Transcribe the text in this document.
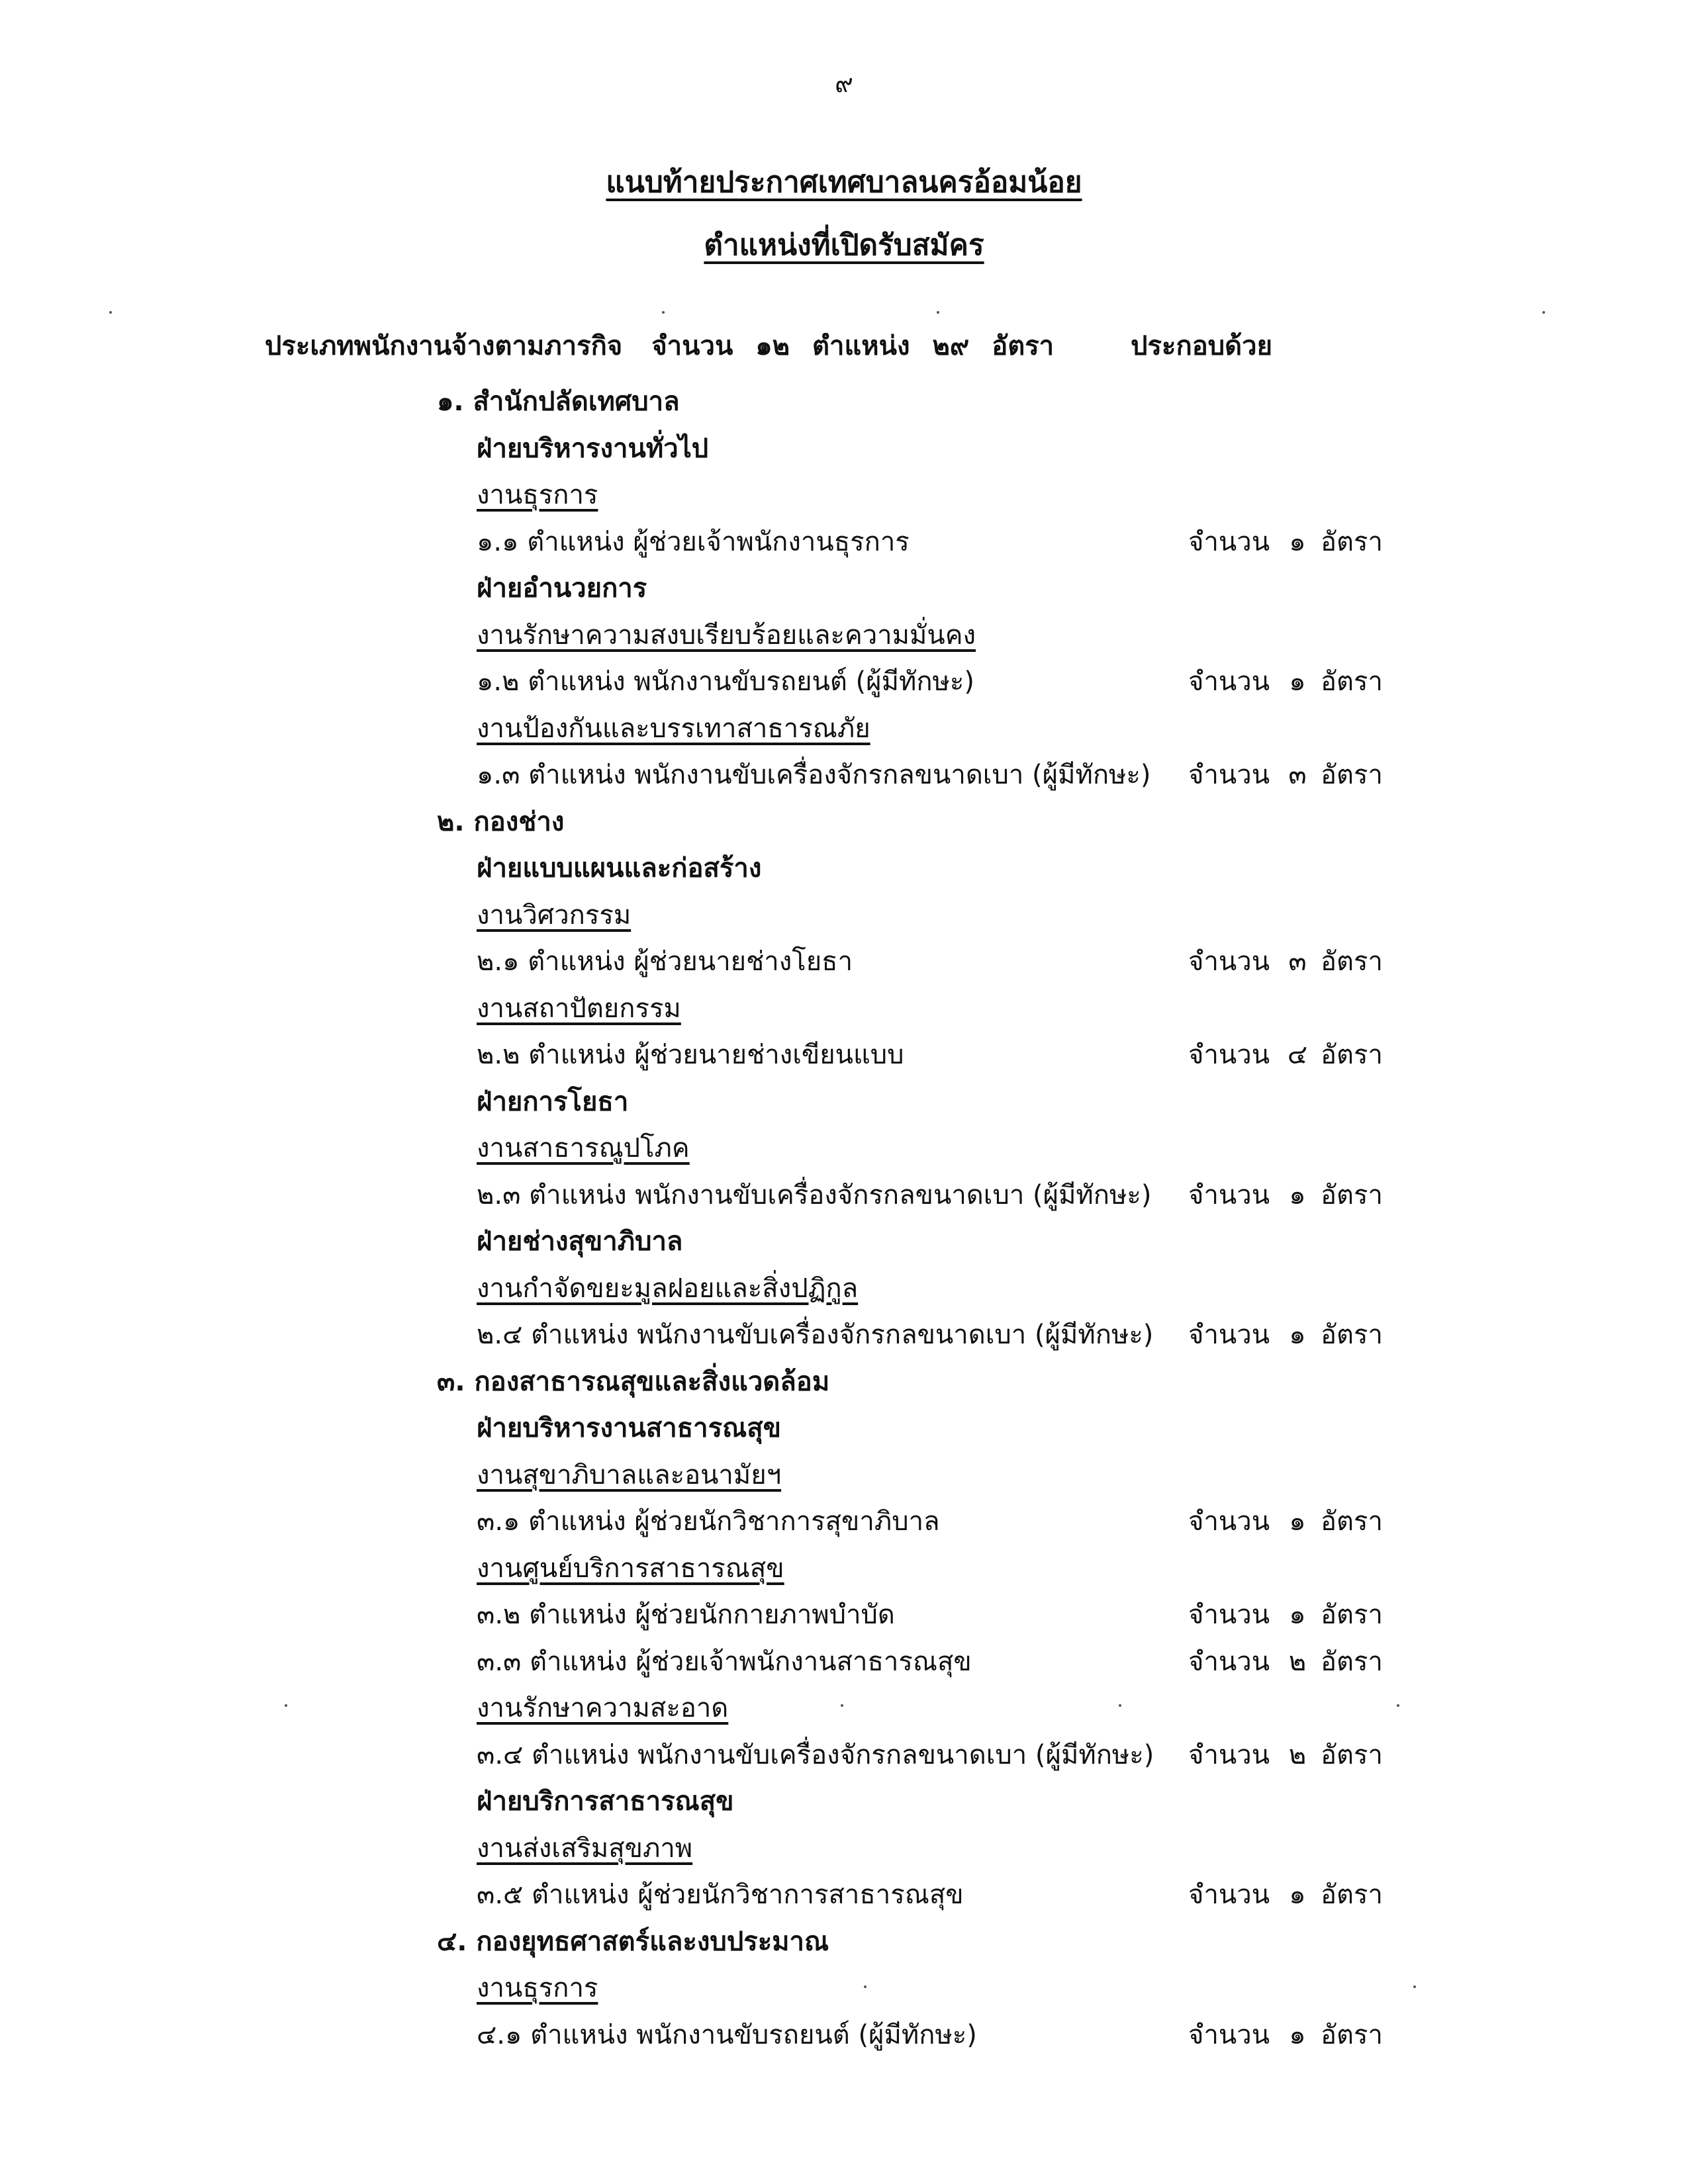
๙
แนบท้ายประกาศเทศบาลนครอ้อมน้อย
ตำแหน่งที่เปิดรับสมัคร
ประเภทพนักงานจ้างตามภารกิจ จำนวน ๑๒ ตำแหน่ง ๒๙ อัตรา	ประกอบด้วย
๑. สำนักปลัดเทศบาล
ฝ่ายบริหารงานทั่วไป
งานธุรการ
๑.๑ ตำแหน่ง ผู้ช่วยเจ้าพนักงานธุรการ	จำนวน ๑ อัตรา
ฝ่ายอำนวยการ
งานรักษาความสงบเรียบร้อยและความมั่นคง
๑.๒ ตำแหน่ง พนักงานขับรถยนต์ (ผู้มีทักษะ)	จำนวน ๑ อัตรา
งานป้องกันและบรรเทาสาธารณภัย
๑.๓ ตำแหน่ง พนักงานขับเครื่องจักรกลขนาดเบา (ผู้มีทักษะ) จำนวน ๓ อัตรา
๒. กองช่าง
ฝ่ายแบบแผนและก่อสร้าง
งานวิศวกรรม
๒.๑ ตำแหน่ง ผู้ช่วยนายช่างโยธา	จำนวน ๓ อัตรา
งานสถาปัตยกรรม
๒.๒ ตำแหน่ง ผู้ช่วยนายช่างเขียนแบบ	จำนวน ๔ อัตรา
ฝ่ายการโยธา
งานสาธารณูปโภค
๒.๓ ตำแหน่ง พนักงานขับเครื่องจักรกลขนาดเบา (ผู้มีทักษะ) จำนวน ๑ อัตรา
ฝ่ายช่างสุขาภิบาล
งานกำจัดขยะมูลฝอยและสิ่งปฏิกูล
๒.๔ ตำแหน่ง พนักงานขับเครื่องจักรกลขนาดเบา (ผู้มีทักษะ) จำนวน ๑ อัตรา
๓. กองสาธารณสุขและสิ่งแวดล้อม
ฝ่ายบริหารงานสาธารณสุข
งานสุขาภิบาลและอนามัยฯ
๓.๑ ตำแหน่ง ผู้ช่วยนักวิชาการสุขาภิบาล	จำนวน ๑ อัตรา
งานศูนย์บริการสาธารณสุข
๓.๒ ตำแหน่ง ผู้ช่วยนักกายภาพบำบัด	จำนวน ๑ อัตรา
๓.๓ ตำแหน่ง ผู้ช่วยเจ้าพนักงานสาธารณสุข	จำนวน ๒ อัตรา
งานรักษาความสะอาด
๓.๔ ตำแหน่ง พนักงานขับเครื่องจักรกลขนาดเบา (ผู้มีทักษะ) จำนวน ๒ อัตรา
ฝ่ายบริการสาธารณสุข
งานส่งเสริมสุขภาพ
๓.๕ ตำแหน่ง ผู้ช่วยนักวิชาการสาธารณสุข	จำนวน ๑ อัตรา
๔. กองยุทธศาสตร์และงบประมาณ
งานธุรการ
๔.๑ ตำแหน่ง พนักงานขับรถยนต์ (ผู้มีทักษะ)	จำนวน ๑ อัตรา
